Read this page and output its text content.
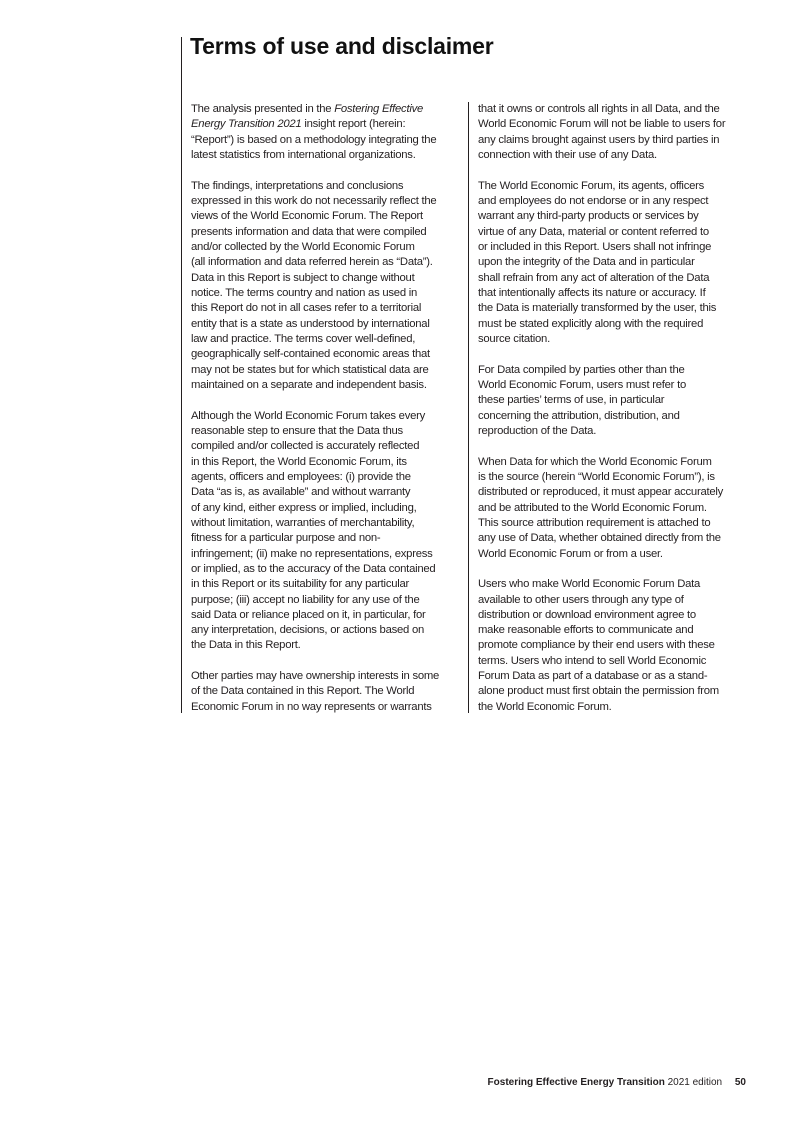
Terms of use and disclaimer
The analysis presented in the Fostering Effective
Energy Transition 2021 insight report (herein:
“Report”) is based on a methodology integrating the
latest statistics from international organizations.
The findings, interpretations and conclusions
expressed in this work do not necessarily reflect the
views of the World Economic Forum. The Report
presents information and data that were compiled
and/or collected by the World Economic Forum
(all information and data referred herein as “Data”).
Data in this Report is subject to change without
notice. The terms country and nation as used in
this Report do not in all cases refer to a territorial
entity that is a state as understood by international
law and practice. The terms cover well-defined,
geographically self-contained economic areas that
may not be states but for which statistical data are
maintained on a separate and independent basis.
Although the World Economic Forum takes every
reasonable step to ensure that the Data thus
compiled and/or collected is accurately reflected
in this Report, the World Economic Forum, its
agents, officers and employees: (i) provide the
Data “as is, as available” and without warranty
of any kind, either express or implied, including,
without limitation, warranties of merchantability,
fitness for a particular purpose and non-
infringement; (ii) make no representations, express
or implied, as to the accuracy of the Data contained
in this Report or its suitability for any particular
purpose; (iii) accept no liability for any use of the
said Data or reliance placed on it, in particular, for
any interpretation, decisions, or actions based on
the Data in this Report.
Other parties may have ownership interests in some
of the Data contained in this Report. The World
Economic Forum in no way represents or warrants
that it owns or controls all rights in all Data, and the
World Economic Forum will not be liable to users for
any claims brought against users by third parties in
connection with their use of any Data.
The World Economic Forum, its agents, officers
and employees do not endorse or in any respect
warrant any third-party products or services by
virtue of any Data, material or content referred to
or included in this Report. Users shall not infringe
upon the integrity of the Data and in particular
shall refrain from any act of alteration of the Data
that intentionally affects its nature or accuracy. If
the Data is materially transformed by the user, this
must be stated explicitly along with the required
source citation.
For Data compiled by parties other than the
World Economic Forum, users must refer to
these parties’ terms of use, in particular
concerning the attribution, distribution, and
reproduction of the Data.
When Data for which the World Economic Forum
is the source (herein “World Economic Forum”), is
distributed or reproduced, it must appear accurately
and be attributed to the World Economic Forum.
This source attribution requirement is attached to
any use of Data, whether obtained directly from the
World Economic Forum or from a user.
Users who make World Economic Forum Data
available to other users through any type of
distribution or download environment agree to
make reasonable efforts to communicate and
promote compliance by their end users with these
terms. Users who intend to sell World Economic
Forum Data as part of a database or as a stand-
alone product must first obtain the permission from
the World Economic Forum.
Fostering Effective Energy Transition 2021 edition 50
